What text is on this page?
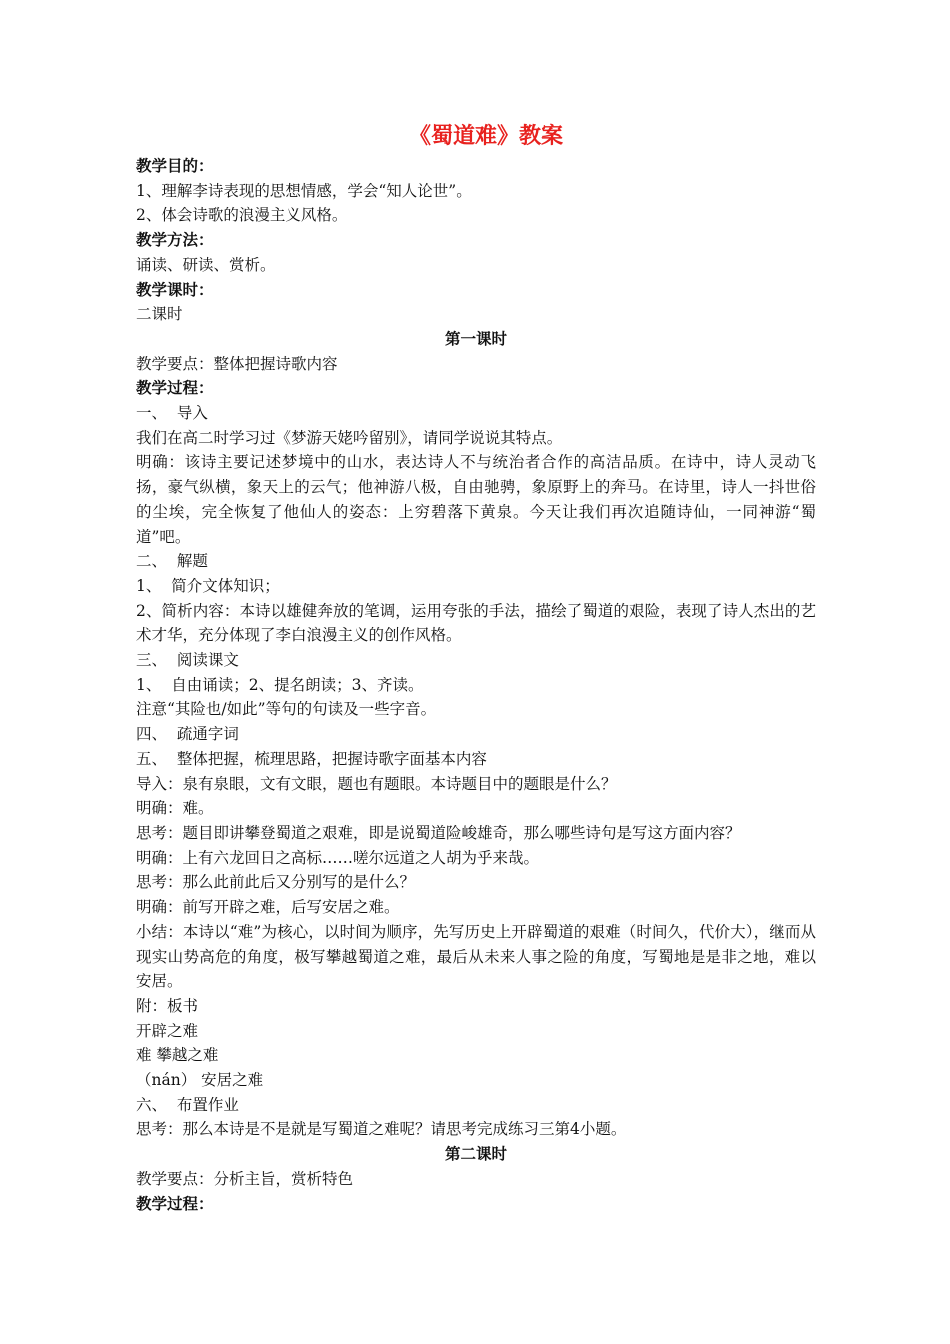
《蜀道难》教案
教学目的：
1、理解李诗表现的思想情感，学会“知人论世”。
2、体会诗歌的浪漫主义风格。
教学方法：
诵读、研读、赏析。
教学课时：
二课时
第一课时
教学要点：整体把握诗歌内容
教学过程：
一、  导入
我们在高二时学习过《梦游天姥吟留别》，请同学说说其特点。
明确：该诗主要记述梦境中的山水，表达诗人不与统治者合作的高洁品质。在诗中，诗人灵动飞扬，豪气纵横，象天上的云气；他神游八极，自由驰骋，象原野上的奔马。在诗里，诗人一抖世俗的尘埃，完全恢复了他仙人的姿态：上穷碧落下黄泉。今天让我们再次追随诗仙，一同神游“蜀道”吧。
二、  解题
1、  简介文体知识；
2、简析内容：本诗以雄健奔放的笔调，运用夸张的手法，描绘了蜀道的艰险，表现了诗人杰出的艺术才华，充分体现了李白浪漫主义的创作风格。
三、  阅读课文
1、  自由诵读；2、提名朗读；3、齐读。
注意“其险也/如此”等句的句读及一些字音。
四、  疏通字词
五、  整体把握，梳理思路，把握诗歌字面基本内容
导入：泉有泉眼，文有文眼，题也有题眼。本诗题目中的题眼是什么？
明确：难。
思考：题目即讲攀登蜀道之艰难，即是说蜀道险峻雄奇，那么哪些诗句是写这方面内容？
明确：上有六龙回日之高标……嗟尔远道之人胡为乎来哉。
思考：那么此前此后又分别写的是什么？
明确：前写开辟之难，后写安居之难。
小结：本诗以“难”为核心，以时间为顺序，先写历史上开辟蜀道的艰难（时间久，代价大），继而从现实山势高危的角度，极写攀越蜀道之难，最后从未来人事之险的角度，写蜀地是是非之地，难以安居。
附：板书
开辟之难
难 攀越之难
（nán） 安居之难
六、  布置作业
思考：那么本诗是不是就是写蜀道之难呢？请思考完成练习三第4小题。
第二课时
教学要点：分析主旨，赏析特色
教学过程：
